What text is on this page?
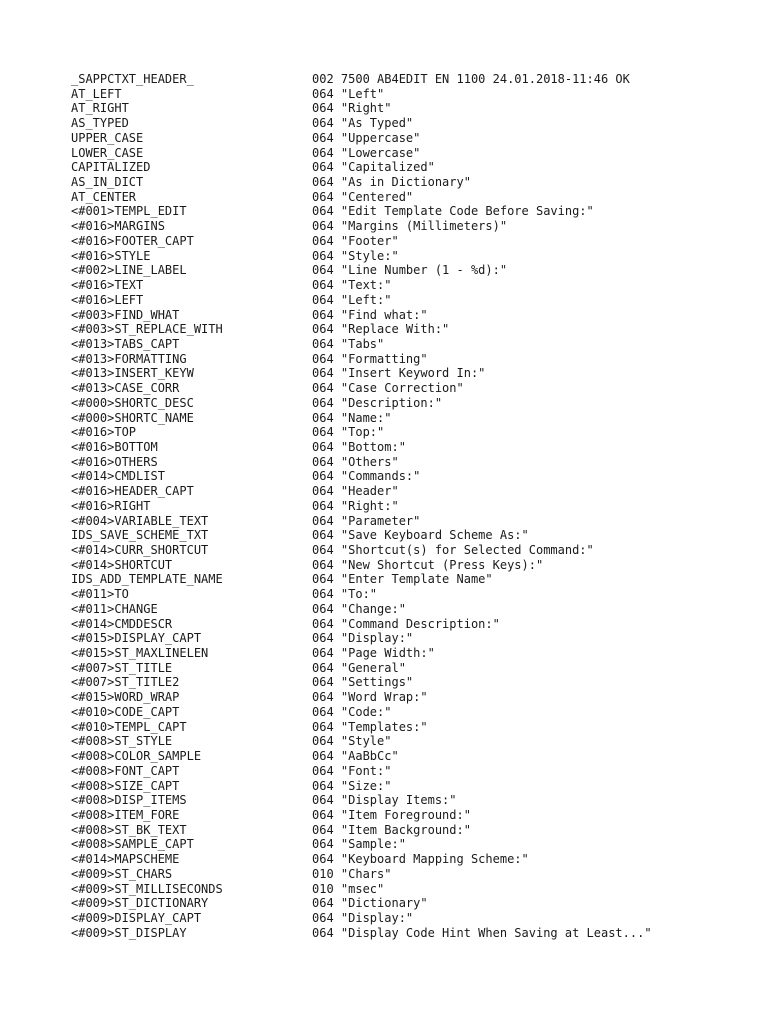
_SAPPCTXT_HEADER_	002 7500 AB4EDIT EN 1100 24.01.2018-11:46 OK
AT_LEFT	064 "Left"
AT_RIGHT	064 "Right"
AS_TYPED	064 "As Typed"
UPPER_CASE	064 "Uppercase"
LOWER_CASE	064 "Lowercase"
CAPITALIZED	064 "Capitalized"
AS_IN_DICT	064 "As in Dictionary"
AT_CENTER	064 "Centered"
<#001>TEMPL_EDIT	064 "Edit Template Code Before Saving:"
<#016>MARGINS	064 "Margins (Millimeters)"
<#016>FOOTER_CAPT	064 "Footer"
<#016>STYLE	064 "Style:"
<#002>LINE_LABEL	064 "Line Number (1 - %d):"
<#016>TEXT	064 "Text:"
<#016>LEFT	064 "Left:"
<#003>FIND_WHAT	064 "Find what:"
<#003>ST_REPLACE_WITH	064 "Replace With:"
<#013>TABS_CAPT	064 "Tabs"
<#013>FORMATTING	064 "Formatting"
<#013>INSERT_KEYW	064 "Insert Keyword In:"
<#013>CASE_CORR	064 "Case Correction"
<#000>SHORTC_DESC	064 "Description:"
<#000>SHORTC_NAME	064 "Name:"
<#016>TOP	064 "Top:"
<#016>BOTTOM	064 "Bottom:"
<#016>OTHERS	064 "Others"
<#014>CMDLIST	064 "Commands:"
<#016>HEADER_CAPT	064 "Header"
<#016>RIGHT	064 "Right:"
<#004>VARIABLE_TEXT	064 "Parameter"
IDS_SAVE_SCHEME_TXT	064 "Save Keyboard Scheme As:"
<#014>CURR_SHORTCUT	064 "Shortcut(s) for Selected Command:"
<#014>SHORTCUT	064 "New Shortcut (Press Keys):"
IDS_ADD_TEMPLATE_NAME	064 "Enter Template Name"
<#011>TO	064 "To:"
<#011>CHANGE	064 "Change:"
<#014>CMDDESCR	064 "Command Description:"
<#015>DISPLAY_CAPT	064 "Display:"
<#015>ST_MAXLINELEN	064 "Page Width:"
<#007>ST_TITLE	064 "General"
<#007>ST_TITLE2	064 "Settings"
<#015>WORD_WRAP	064 "Word Wrap:"
<#010>CODE_CAPT	064 "Code:"
<#010>TEMPL_CAPT	064 "Templates:"
<#008>ST_STYLE	064 "Style"
<#008>COLOR_SAMPLE	064 "AaBbCc"
<#008>FONT_CAPT	064 "Font:"
<#008>SIZE_CAPT	064 "Size:"
<#008>DISP_ITEMS	064 "Display Items:"
<#008>ITEM_FORE	064 "Item Foreground:"
<#008>ST_BK_TEXT	064 "Item Background:"
<#008>SAMPLE_CAPT	064 "Sample:"
<#014>MAPSCHEME	064 "Keyboard Mapping Scheme:"
<#009>ST_CHARS	010 "Chars"
<#009>ST_MILLISECONDS	010 "msec"
<#009>ST_DICTIONARY	064 "Dictionary"
<#009>DISPLAY_CAPT	064 "Display:"
<#009>ST_DISPLAY	064 "Display Code Hint When Saving at Least..."
